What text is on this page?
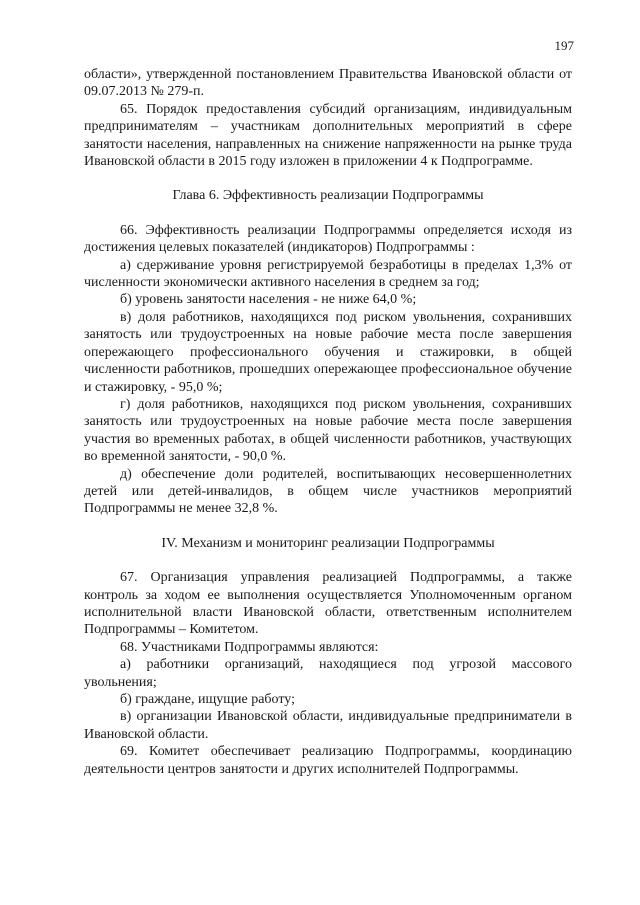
197

области», утвержденной постановлением Правительства Ивановской области от 09.07.2013 № 279-п.

65. Порядок предоставления субсидий организациям, индивидуальным предпринимателям – участникам дополнительных мероприятий в сфере занятости населения, направленных на снижение напряженности на рынке труда Ивановской области в 2015 году изложен в приложении 4 к Подпрограмме.

Глава 6. Эффективность реализации Подпрограммы

66. Эффективность реализации Подпрограммы определяется исходя из достижения целевых показателей (индикаторов) Подпрограммы :

а) сдерживание уровня регистрируемой безработицы в пределах 1,3% от численности экономически активного населения в среднем за год;

б) уровень занятости населения - не ниже 64,0 %;

в) доля работников, находящихся под риском увольнения, сохранивших занятость или трудоустроенных на новые рабочие места после завершения опережающего профессионального обучения и стажировки, в общей численности работников, прошедших опережающее профессиональное обучение и стажировку, - 95,0 %;

г) доля работников, находящихся под риском увольнения, сохранивших занятость или трудоустроенных на новые рабочие места после завершения участия во временных работах, в общей численности работников, участвующих во временной занятости, - 90,0 %.

д) обеспечение доли родителей, воспитывающих несовершеннолетних детей или детей-инвалидов, в общем числе участников мероприятий Подпрограммы не менее 32,8 %.

IV. Механизм и мониторинг реализации Подпрограммы

67. Организация управления реализацией Подпрограммы, а также контроль за ходом ее выполнения осуществляется Уполномоченным органом исполнительной власти Ивановской области, ответственным исполнителем Подпрограммы – Комитетом.

68. Участниками Подпрограммы являются:

а) работники организаций, находящиеся под угрозой массового увольнения;

б) граждане, ищущие работу;

в) организации Ивановской области, индивидуальные предприниматели в Ивановской области.

69. Комитет обеспечивает реализацию Подпрограммы, координацию деятельности центров занятости и других исполнителей Подпрограммы.
